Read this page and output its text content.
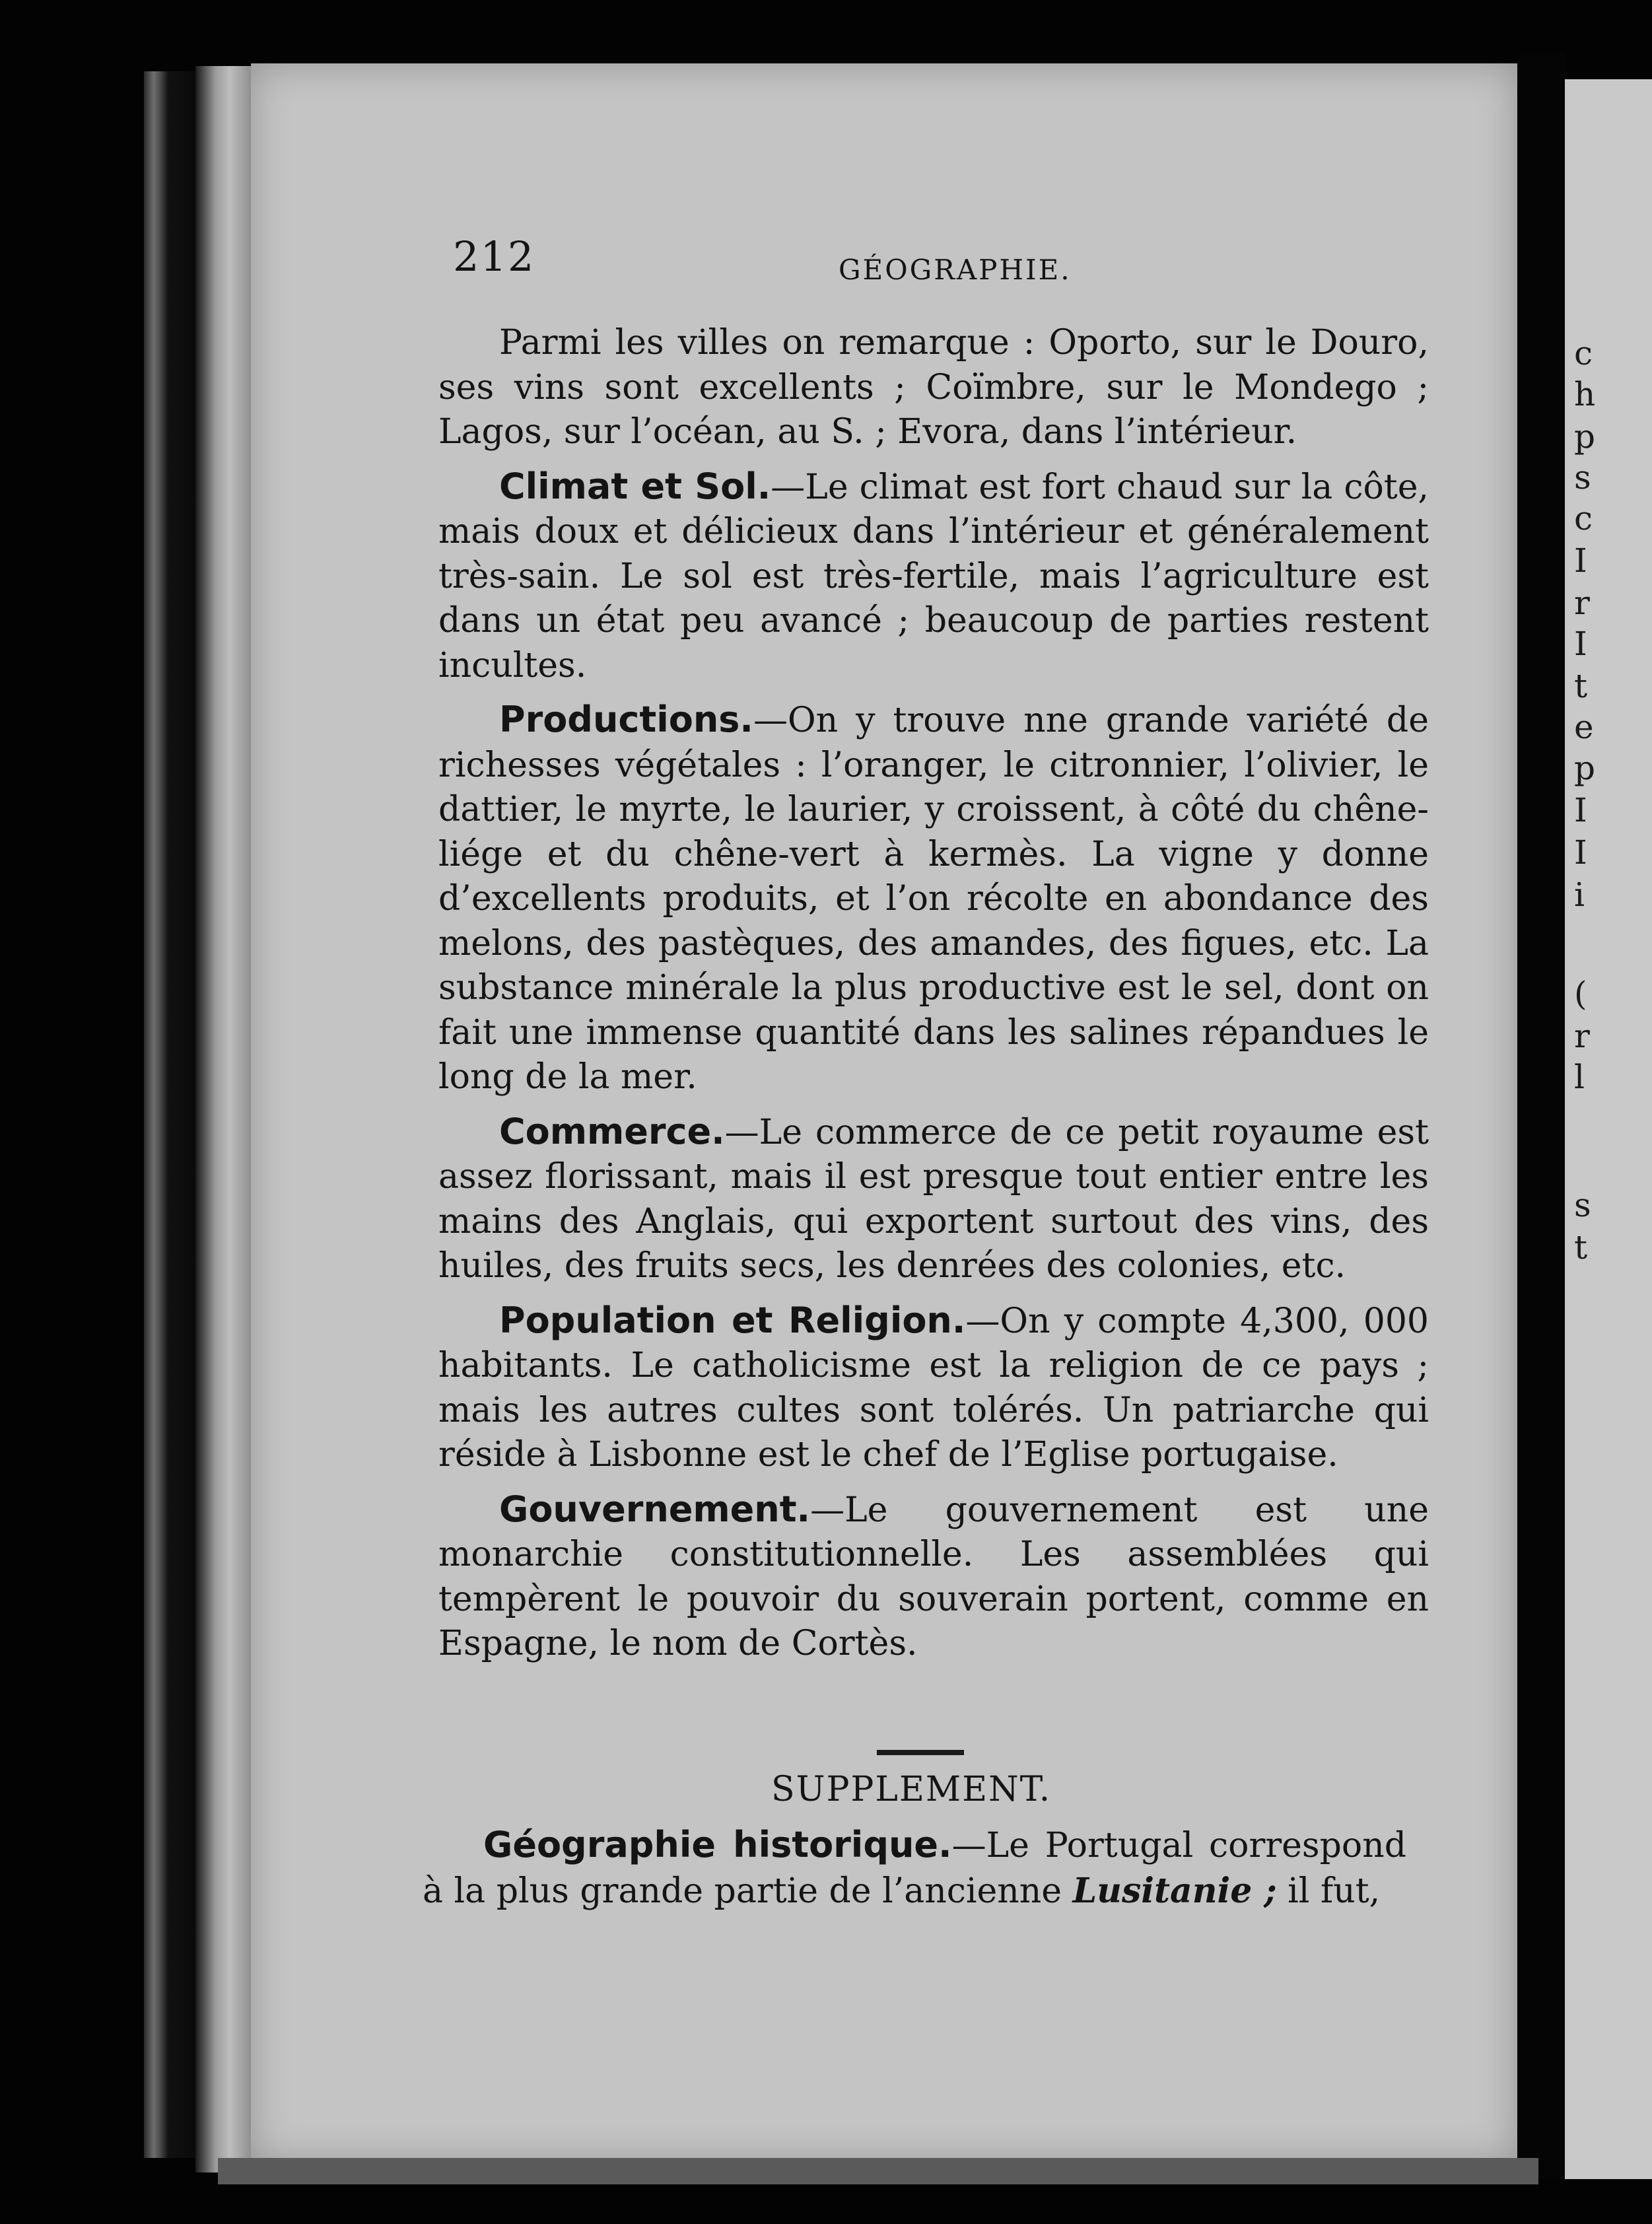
c
h
p
s
c
I
r
I
t
e
p
I
I
i
(
r
l
s
t
212	GÉOGRAPHIE.

Parmi les villes on remarque : Oporto, sur le Douro, ses vins sont excellents ; Coïmbre, sur le Mondego ; Lagos, sur l’océan, au S. ; Evora, dans l’intérieur.

Climat et Sol.—Le climat est fort chaud sur la côte, mais doux et délicieux dans l’intérieur et généralement très-sain. Le sol est très-fertile, mais l’agriculture est dans un état peu avancé ; beaucoup de parties restent incultes.

Productions.—On y trouve nne grande variété de richesses végétales : l’oranger, le citronnier, l’olivier, le dattier, le myrte, le laurier, y croissent, à côté du chêne-liége et du chêne-vert à kermès. La vigne y donne d’excellents produits, et l’on récolte en abondance des melons, des pastèques, des amandes, des figues, etc. La substance minérale la plus productive est le sel, dont on fait une immense quantité dans les salines répandues le long de la mer.

Commerce.—Le commerce de ce petit royaume est assez florissant, mais il est presque tout entier entre les mains des Anglais, qui exportent surtout des vins, des huiles, des fruits secs, les denrées des colonies, etc.

Population et Religion.—On y compte 4,300, 000 habitants. Le catholicisme est la religion de ce pays ; mais les autres cultes sont tolérés. Un patriarche qui réside à Lisbonne est le chef de l’Eglise portugaise.

Gouvernement.—Le gouvernement est une monarchie constitutionnelle. Les assemblées qui tempèrent le pouvoir du souverain portent, comme en Espagne, le nom de Cortès.

SUPPLEMENT.

Géographie historique.—Le Portugal correspond à la plus grande partie de l’ancienne Lusitanie ; il fut,
